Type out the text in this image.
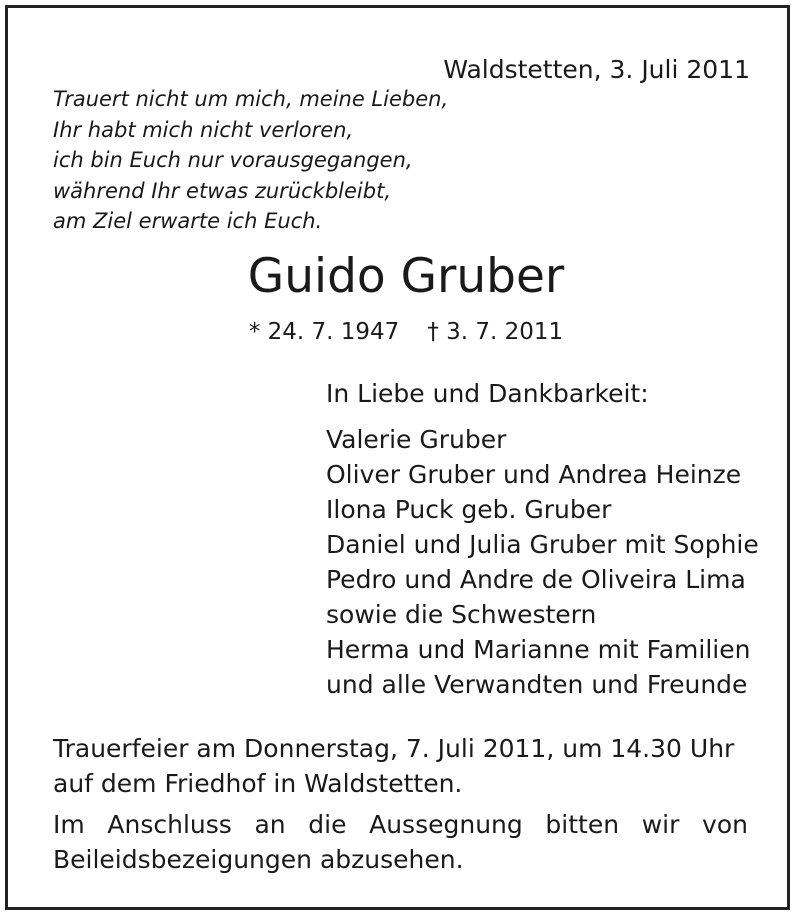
Waldstetten, 3. Juli 2011
Trauert nicht um mich, meine Lieben,
Ihr habt mich nicht verloren,
ich bin Euch nur vorausgegangen,
während Ihr etwas zurückbleibt,
am Ziel erwarte ich Euch.
Guido Gruber
* 24. 7. 1947 † 3. 7. 2011
In Liebe und Dankbarkeit:
Valerie Gruber
Oliver Gruber und Andrea Heinze
Ilona Puck geb. Gruber
Daniel und Julia Gruber mit Sophie
Pedro und Andre de Oliveira Lima
sowie die Schwestern
Herma und Marianne mit Familien
und alle Verwandten und Freunde
Trauerfeier am Donnerstag, 7. Juli 2011, um 14.30 Uhr auf dem Friedhof in Waldstetten.
Im Anschluss an die Aussegnung bitten wir von Beileidsbezeigungen abzusehen.
